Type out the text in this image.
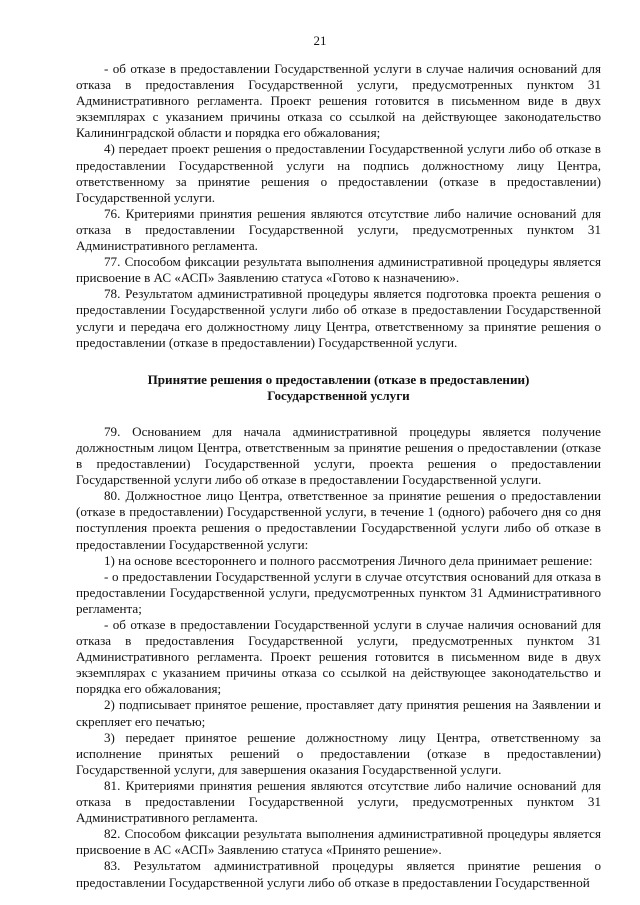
21

- об отказе в предоставлении Государственной услуги в случае наличия оснований для отказа в предоставления Государственной услуги, предусмотренных пунктом 31 Административного регламента. Проект решения готовится в письменном виде в двух экземплярах с указанием причины отказа со ссылкой на действующее законодательство Калининградской области и порядка его обжалования;

4) передает проект решения о предоставлении Государственной услуги либо об отказе в предоставлении Государственной услуги на подпись должностному лицу Центра, ответственному за принятие решения о предоставлении (отказе в предоставлении) Государственной услуги.

76. Критериями принятия решения являются отсутствие либо наличие оснований для отказа в предоставлении Государственной услуги, предусмотренных пунктом 31 Административного регламента.

77. Способом фиксации результата выполнения административной процедуры является присвоение в АС «АСП» Заявлению статуса «Готово к назначению».

78. Результатом административной процедуры является подготовка проекта решения о предоставлении Государственной услуги либо об отказе в предоставлении Государственной услуги и передача его должностному лицу Центра, ответственному за принятие решения о предоставлении (отказе в предоставлении) Государственной услуги.

Принятие решения о предоставлении (отказе в предоставлении)
Государственной услуги

79. Основанием для начала административной процедуры является получение должностным лицом Центра, ответственным за принятие решения о предоставлении (отказе в предоставлении) Государственной услуги, проекта решения о предоставлении Государственной услуги либо об отказе в предоставлении Государственной услуги.

80. Должностное лицо Центра, ответственное за принятие решения о предоставлении (отказе в предоставлении) Государственной услуги, в течение 1 (одного) рабочего дня со дня поступления проекта решения о предоставлении Государственной услуги либо об отказе в предоставлении Государственной услуги:

1) на основе всестороннего и полного рассмотрения Личного дела принимает решение:

- о предоставлении Государственной услуги в случае отсутствия оснований для отказа в предоставлении Государственной услуги, предусмотренных пунктом 31 Административного регламента;

- об отказе в предоставлении Государственной услуги в случае наличия оснований для отказа в предоставления Государственной услуги, предусмотренных пунктом 31 Административного регламента. Проект решения готовится в письменном виде в двух экземплярах с указанием причины отказа со ссылкой на действующее законодательство и порядка его обжалования;

2) подписывает принятое решение, проставляет дату принятия решения на Заявлении и скрепляет его печатью;

3) передает принятое решение должностному лицу Центра, ответственному за исполнение принятых решений о предоставлении (отказе в предоставлении) Государственной услуги, для завершения оказания Государственной услуги.

81. Критериями принятия решения являются отсутствие либо наличие оснований для отказа в предоставлении Государственной услуги, предусмотренных пунктом 31 Административного регламента.

82. Способом фиксации результата выполнения административной процедуры является присвоение в АС «АСП» Заявлению статуса «Принято решение».

83. Результатом административной процедуры является принятие решения о предоставлении Государственной услуги либо об отказе в предоставлении Государственной
